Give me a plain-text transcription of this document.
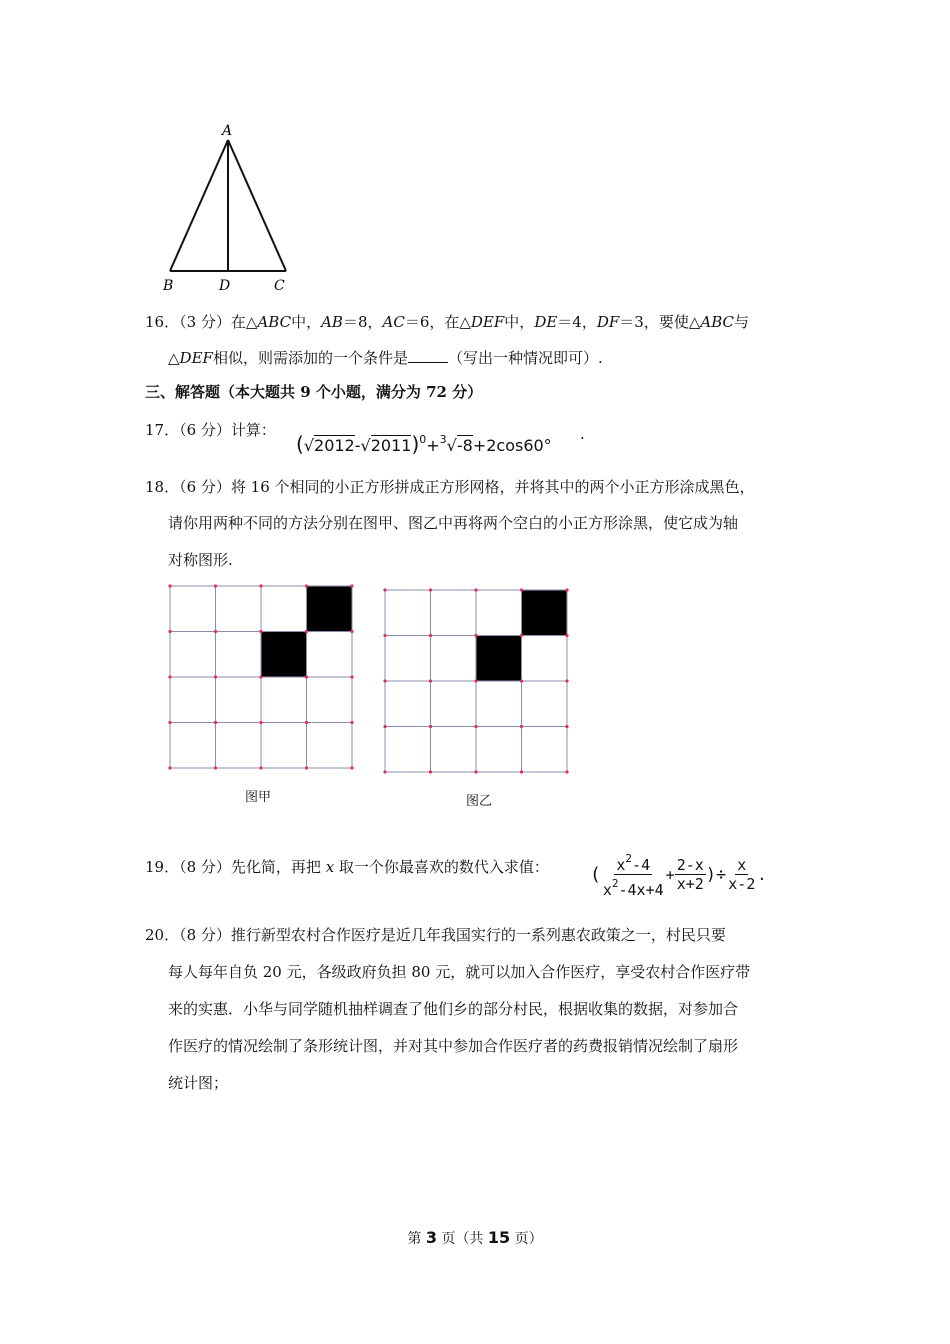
A
B	D	C
16．（3 分）在△ABC中，AB＝8，AC＝6，在△DEF中，DE＝4，DF＝3，要使△ABC与
△DEF相似，则需添加的一个条件是	（写出一种情况即可）.
三、解答题（本大题共 9 个小题，满分为 72 分）
17．（6 分）计算：
$(√2012-√2011)^0+^3√-8+2\cos 60^\circ$
.
18．（6 分）将 16 个相同的小正方形拼成正方形网格，并将其中的两个小正方形涂成黑色，
请你用两种不同的方法分别在图甲、图乙中再将两个空白的小正方形涂黑，使它成为轴
对称图形.
图甲	图乙
19．（8 分）先化简，再把 x 取一个你最喜欢的数代入求值： ( $\frac{x^2-4}{x^2-4x+4} + \frac{2-x}{x+2}$ )÷ $\frac{x}{x-2}$ .
20．（8 分）推行新型农村合作医疗是近几年我国实行的一系列惠农政策之一，村民只要
每人每年自负 20 元，各级政府负担 80 元，就可以加入合作医疗，享受农村合作医疗带
来的实惠．小华与同学随机抽样调查了他们乡的部分村民，根据收集的数据，对参加合
作医疗的情况绘制了条形统计图，并对其中参加合作医疗者的药费报销情况绘制了扇形
统计图；
第 3 页（共 15 页）
